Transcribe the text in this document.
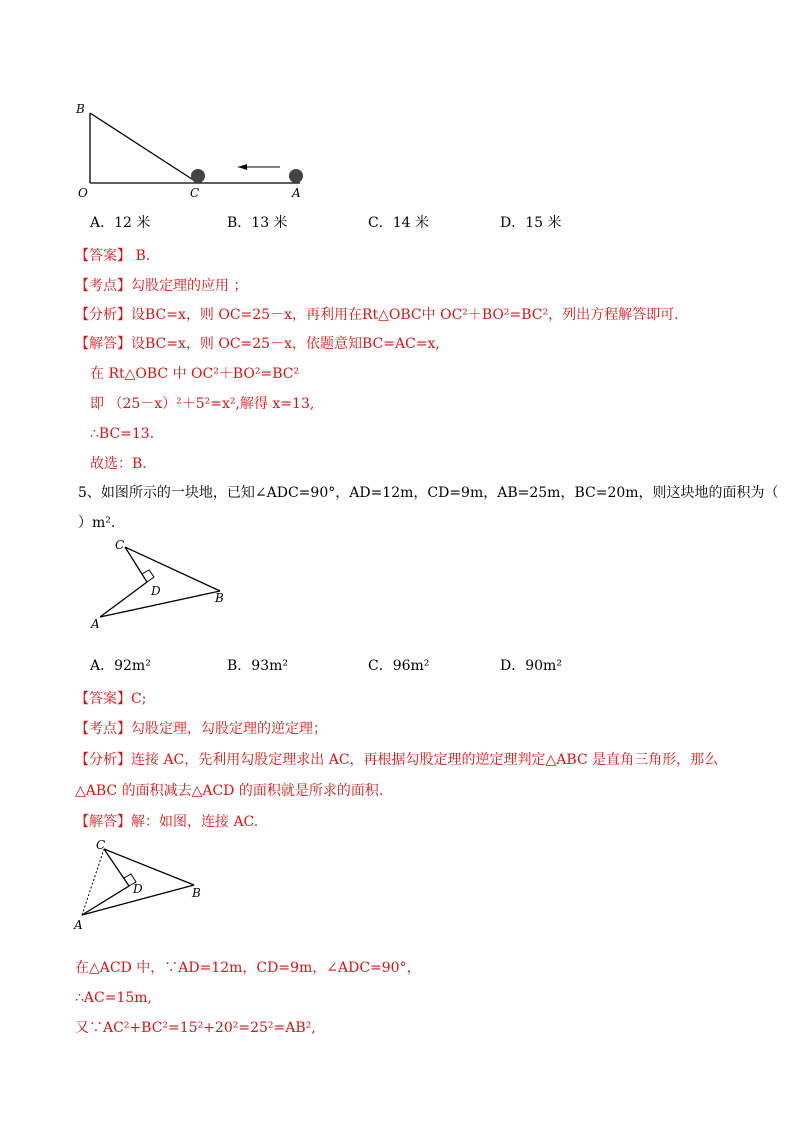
B
O	C	A
A．12 米	B．13 米	C．14 米	D．15 米
【答案】 B.
【考点】勾股定理的应用 ；
【分析】设BC=x，则 OC=25－x，再利用在Rt△OBC中 OC²＋BO²=BC²，列出方程解答即可.
【解答】设BC=x，则 OC=25－x，依题意知BC=AC=x,
在 Rt△OBC 中 OC²＋BO²=BC²
即 （25－x）²＋5²=x²,解得 x=13,
∴BC=13.
故选：B.
5、如图所示的一块地，已知∠ADC=90°，AD=12m，CD=9m，AB=25m，BC=20m，则这块地的面积为（
）m².
C
D	B
A
A．92m²	B．93m²	C．96m²	D．90m²
【答案】C;
【考点】勾股定理，勾股定理的逆定理；
【分析】连接 AC，先利用勾股定理求出 AC，再根据勾股定理的逆定理判定△ABC 是直角三角形，那么
△ABC 的面积减去△ACD 的面积就是所求的面积.
【解答】解：如图，连接 AC.
C
D	B
A
在△ACD 中，∵AD=12m，CD=9m，∠ADC=90°，
∴AC=15m,
又∵AC²+BC²=15²+20²=25²=AB²,
